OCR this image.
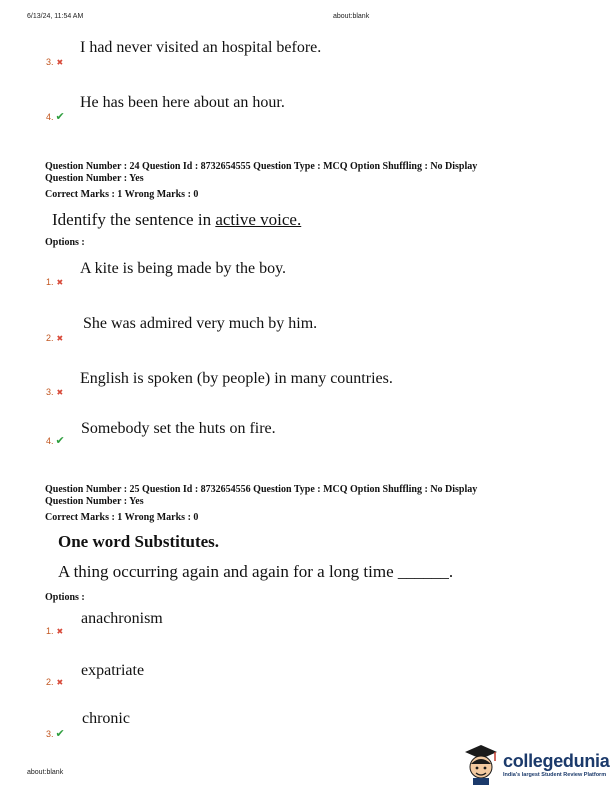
6/13/24, 11:54 AM	about:blank
I had never visited an hospital before.
3. ✖
He has been here about an hour.
4. ✔
Question Number : 24 Question Id : 8732654555 Question Type : MCQ Option Shuffling : No Display
Question Number : Yes
Correct Marks : 1 Wrong Marks : 0
Identify the sentence in active voice.
Options :
A kite is being made by the boy.
1. ✖
She was admired very much by him.
2. ✖
English is spoken (by people) in many countries.
3. ✖
Somebody set the huts on fire.
4. ✔
Question Number : 25 Question Id : 8732654556 Question Type : MCQ Option Shuffling : No Display
Question Number : Yes
Correct Marks : 1 Wrong Marks : 0
One word Substitutes.
A thing occurring again and again for a long time ______.
Options :
anachronism
1. ✖
expatriate
2. ✖
chronic
3. ✔
about:blank
collegedunia
India's largest Student Review Platform
